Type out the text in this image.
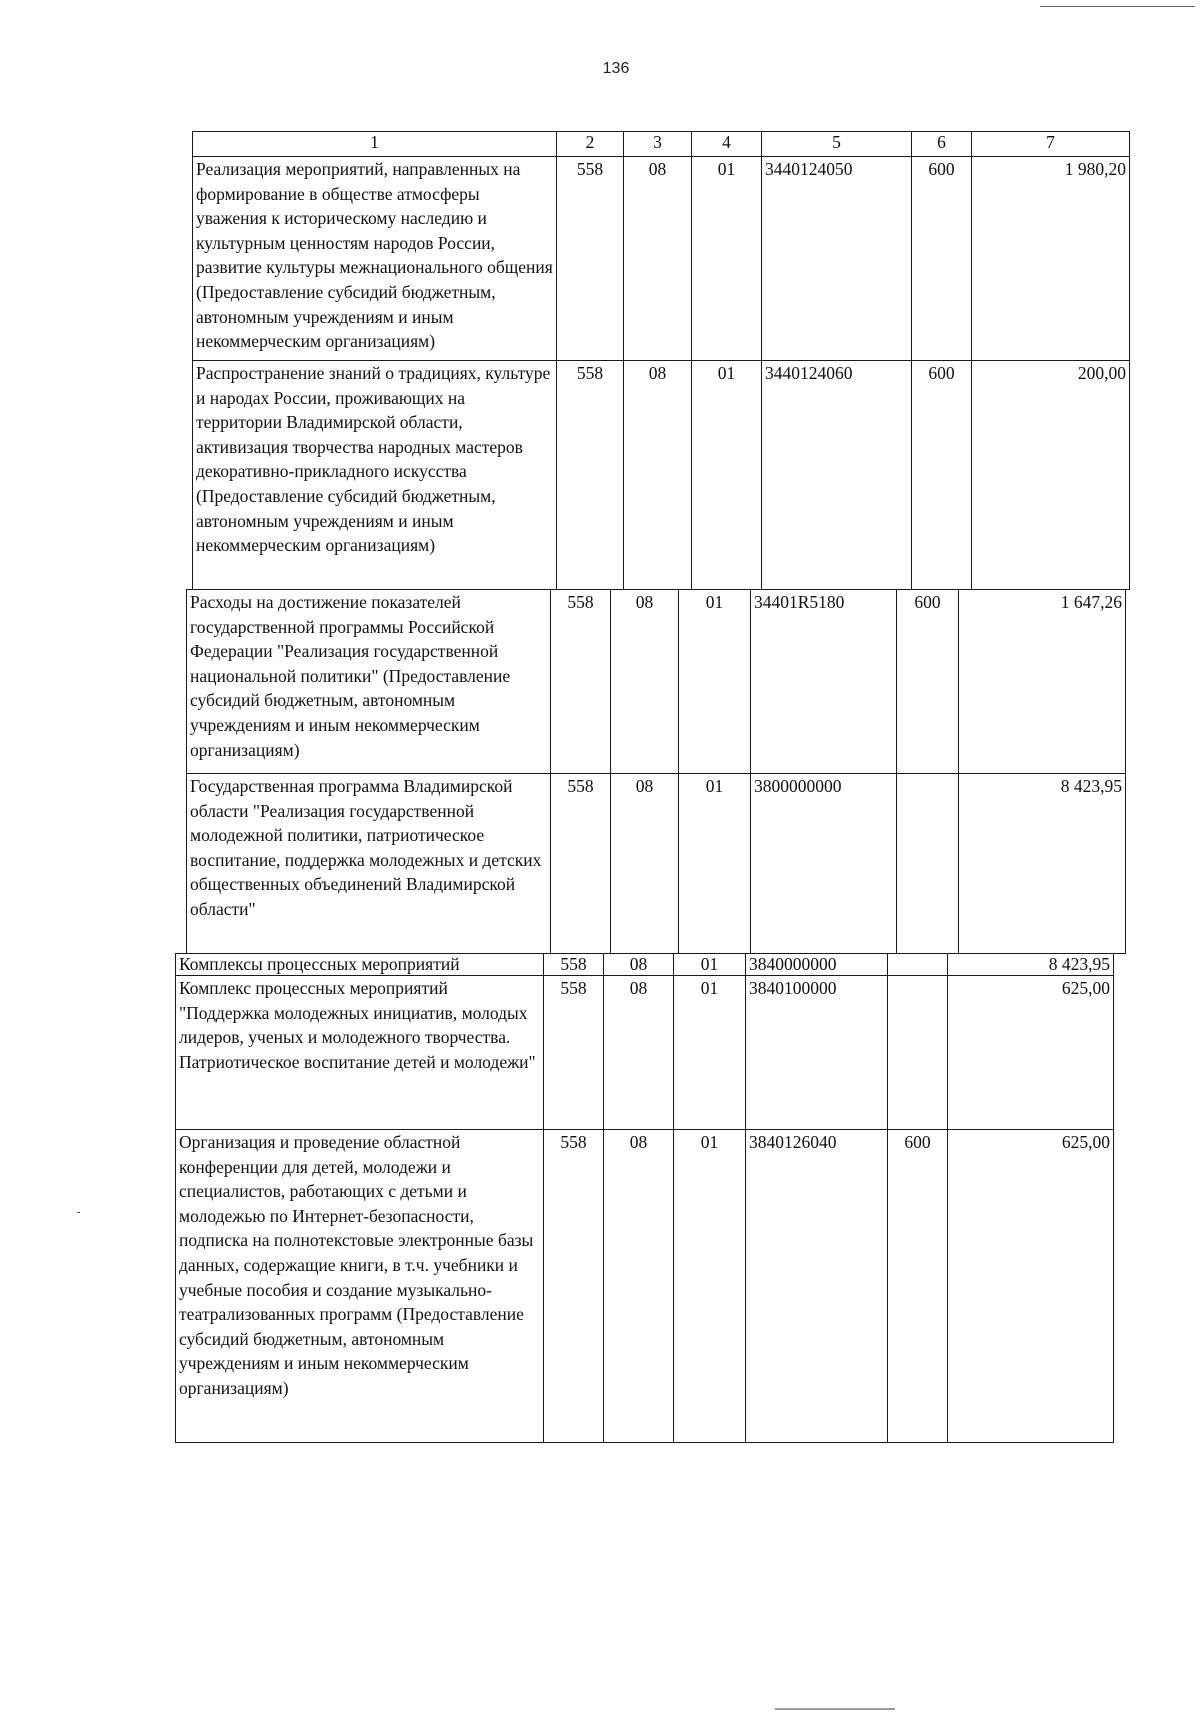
136
1	2	3	4	5	6	7
Реализация мероприятий, направленных на формирование в обществе атмосферы уважения к историческому наследию и культурным ценностям народов России, развитие культуры межнационального общения (Предоставление субсидий бюджетным, автономным учреждениям и иным некоммерческим организациям)	558	08	01	3440124050	600	1 980,20
Распространение знаний о традициях, культуре и народах России, проживающих на территории Владимирской области, активизация творчества народных мастеров декоративно-прикладного искусства (Предоставление субсидий бюджетным, автономным учреждениям и иным некоммерческим организациям)	558	08	01	3440124060	600	200,00
Расходы на достижение показателей государственной программы Российской Федерации "Реализация государственной национальной политики" (Предоставление субсидий бюджетным, автономным учреждениям и иным некоммерческим организациям)	558	08	01	34401R5180	600	1 647,26
Государственная программа Владимирской области "Реализация государственной молодежной политики, патриотическое воспитание, поддержка молодежных и детских общественных объединений Владимирской области"	558	08	01	3800000000		8 423,95
Комплексы процессных мероприятий	558	08	01	3840000000		8 423,95
Комплекс процессных мероприятий "Поддержка молодежных инициатив, молодых лидеров, ученых и молодежного творчества. Патриотическое воспитание детей и молодежи"	558	08	01	3840100000		625,00
Организация и проведение областной конференции для детей, молодежи и специалистов, работающих с детьми и молодежью по Интернет-безопасности, подписка на полнотекстовые электронные базы данных, содержащие книги, в т.ч. учебники и учебные пособия и создание музыкально-театрализованных программ (Предоставление субсидий бюджетным, автономным учреждениям и иным некоммерческим организациям)	558	08	01	3840126040	600	625,00
